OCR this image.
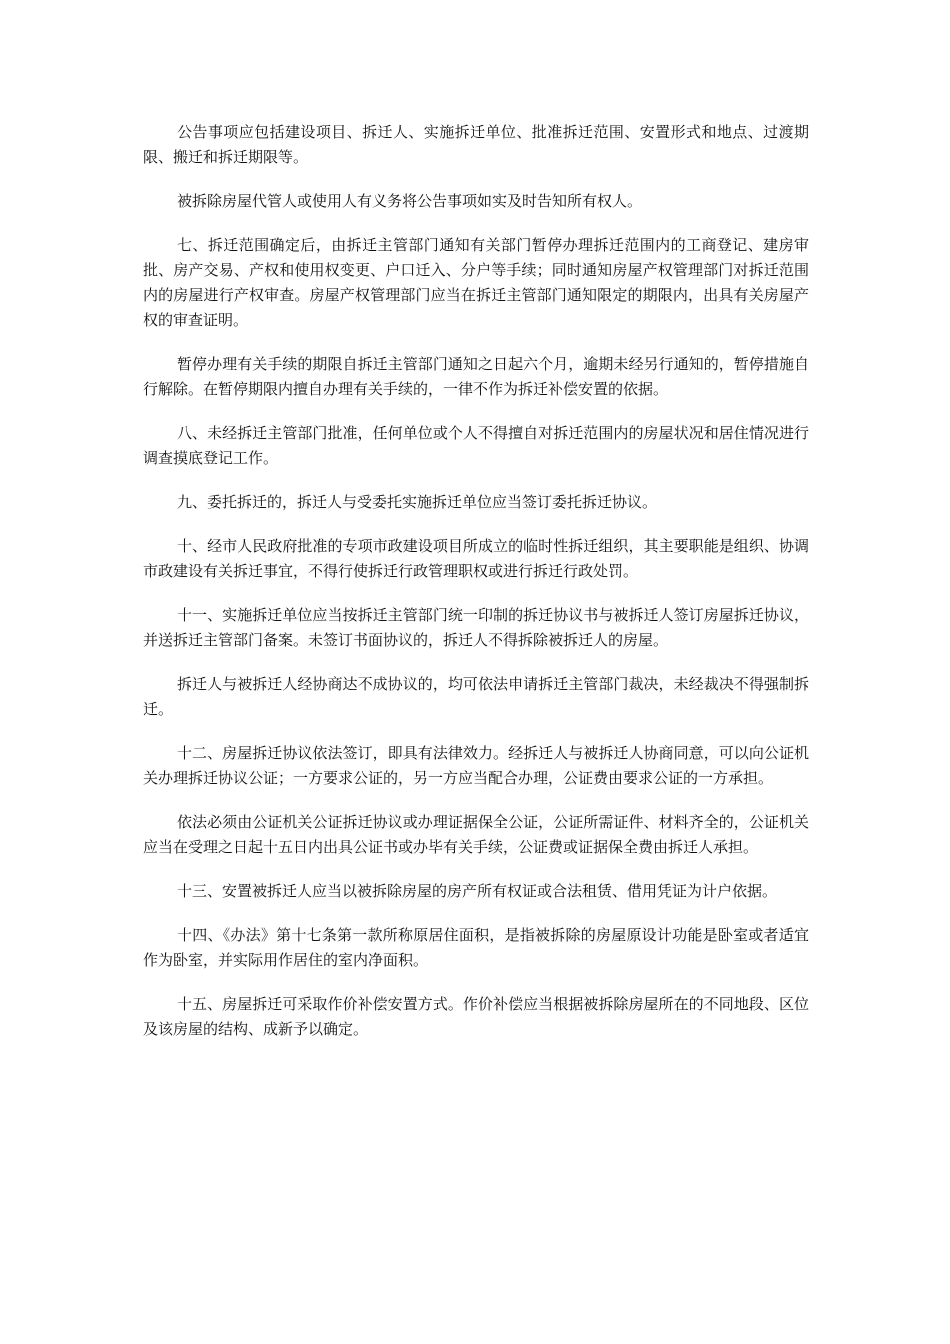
公告事项应包括建设项目、拆迁人、实施拆迁单位、批准拆迁范围、安置形式和地点、过渡期限、搬迁和拆迁期限等。

被拆除房屋代管人或使用人有义务将公告事项如实及时告知所有权人。

七、拆迁范围确定后，由拆迁主管部门通知有关部门暂停办理拆迁范围内的工商登记、建房审批、房产交易、产权和使用权变更、户口迁入、分户等手续；同时通知房屋产权管理部门对拆迁范围内的房屋进行产权审查。房屋产权管理部门应当在拆迁主管部门通知限定的期限内，出具有关房屋产权的审查证明。

暂停办理有关手续的期限自拆迁主管部门通知之日起六个月，逾期未经另行通知的，暂停措施自行解除。在暂停期限内擅自办理有关手续的，一律不作为拆迁补偿安置的依据。

八、未经拆迁主管部门批准，任何单位或个人不得擅自对拆迁范围内的房屋状况和居住情况进行调查摸底登记工作。

九、委托拆迁的，拆迁人与受委托实施拆迁单位应当签订委托拆迁协议。

十、经市人民政府批准的专项市政建设项目所成立的临时性拆迁组织，其主要职能是组织、协调市政建设有关拆迁事宜，不得行使拆迁行政管理职权或进行拆迁行政处罚。

十一、实施拆迁单位应当按拆迁主管部门统一印制的拆迁协议书与被拆迁人签订房屋拆迁协议，并送拆迁主管部门备案。未签订书面协议的，拆迁人不得拆除被拆迁人的房屋。

拆迁人与被拆迁人经协商达不成协议的，均可依法申请拆迁主管部门裁决，未经裁决不得强制拆迁。

十二、房屋拆迁协议依法签订，即具有法律效力。经拆迁人与被拆迁人协商同意，可以向公证机关办理拆迁协议公证；一方要求公证的，另一方应当配合办理，公证费由要求公证的一方承担。

依法必须由公证机关公证拆迁协议或办理证据保全公证，公证所需证件、材料齐全的，公证机关应当在受理之日起十五日内出具公证书或办毕有关手续，公证费或证据保全费由拆迁人承担。

十三、安置被拆迁人应当以被拆除房屋的房产所有权证或合法租赁、借用凭证为计户依据。

十四、《办法》第十七条第一款所称原居住面积，是指被拆除的房屋原设计功能是卧室或者适宜作为卧室，并实际用作居住的室内净面积。

十五、房屋拆迁可采取作价补偿安置方式。作价补偿应当根据被拆除房屋所在的不同地段、区位及该房屋的结构、成新予以确定。
